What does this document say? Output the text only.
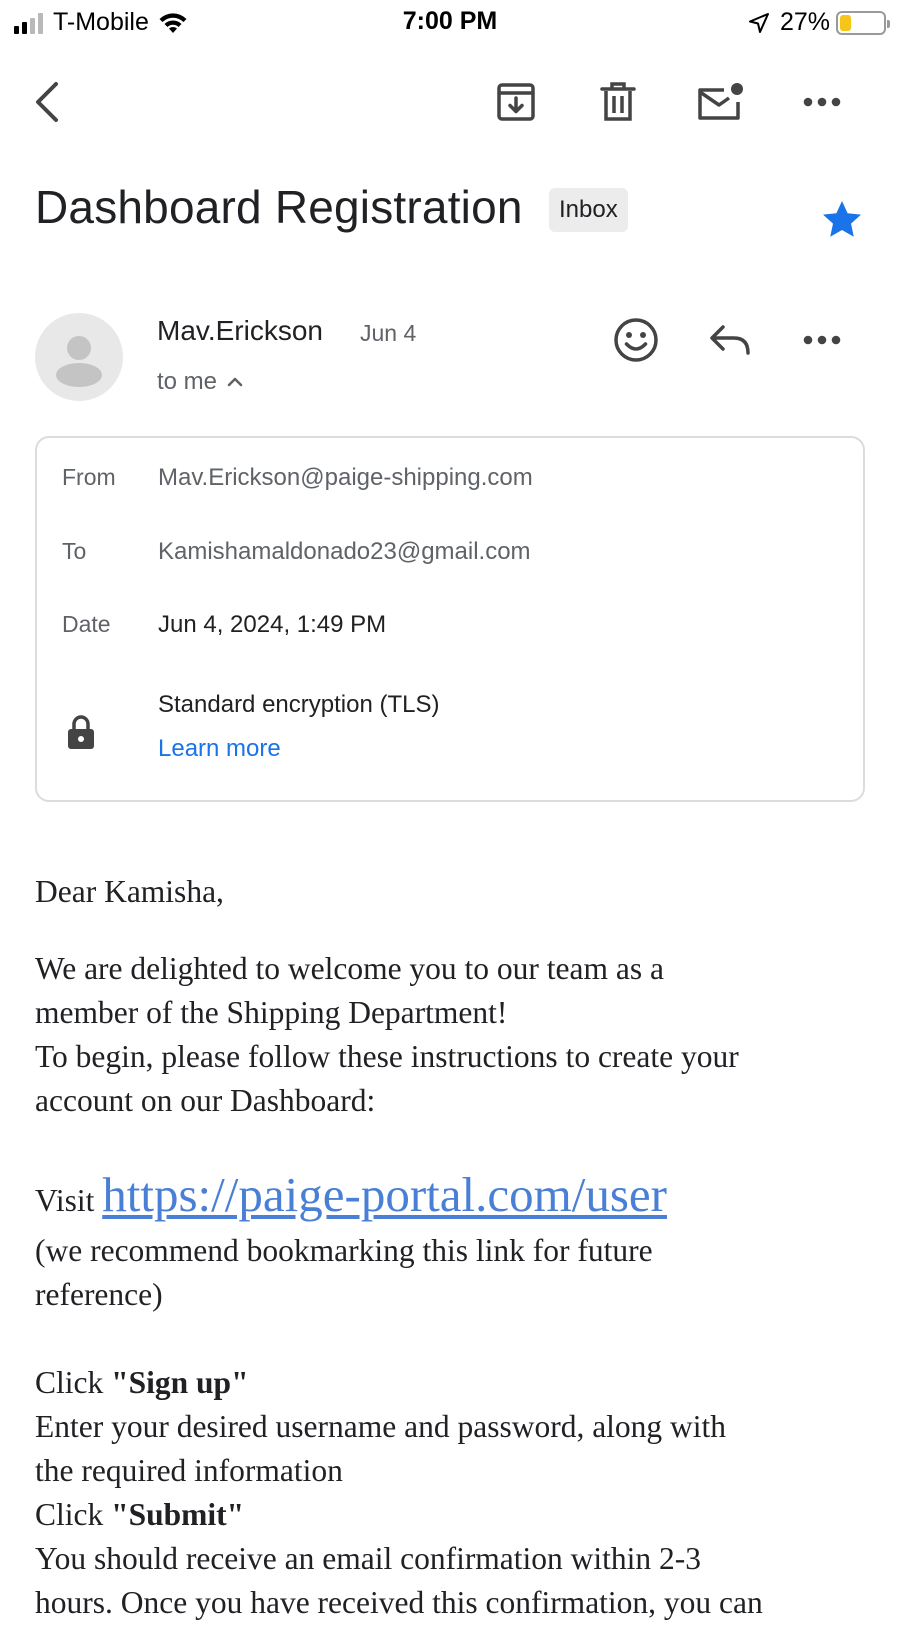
T-Mobile	7:00 PM	27%
Dashboard Registration	Inbox
Mav.Erickson Jun 4
to me
From Mav.Erickson@paige-shipping.com
To	Kamishamaldonado23@gmail.com
Date Jun 4, 2024, 1:49 PM
Standard encryption (TLS)
Learn more

Dear Kamisha,

We are delighted to welcome you to our team as a

member of the Shipping Department!

To begin, please follow these instructions to create your

account on our Dashboard:

Visit https://paige-portal.com/user

(we recommend bookmarking this link for future

reference)

Click "Sign up"

Enter your desired username and password, along with

the required information

Click "Submit"

You should receive an email confirmation within 2-3

hours. Once you have received this confirmation, you can
